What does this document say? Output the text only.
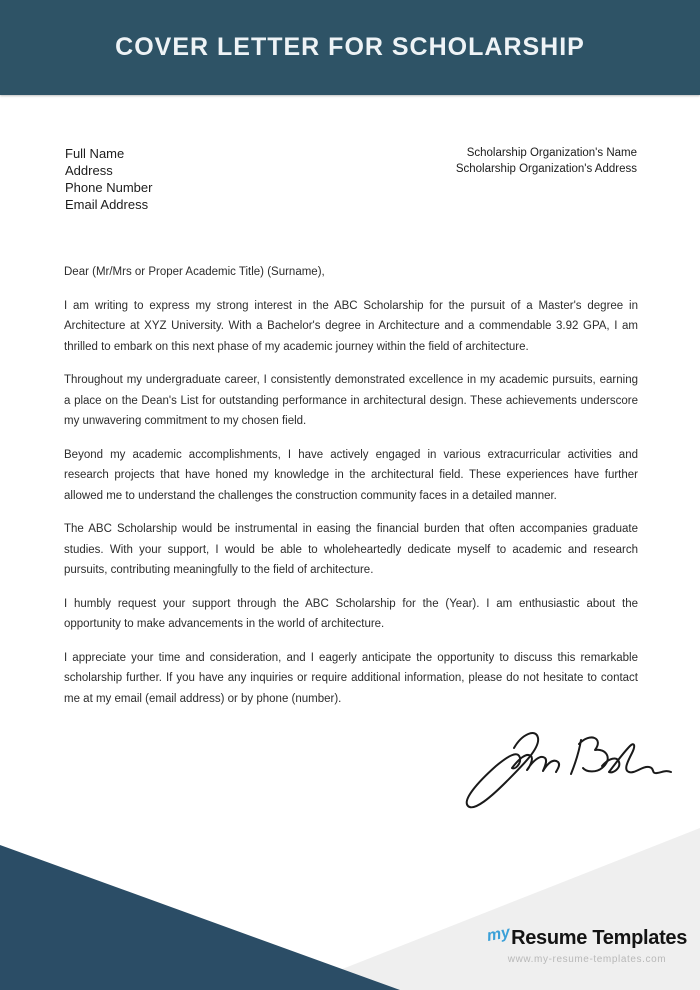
COVER LETTER FOR SCHOLARSHIP
Full Name
Address
Phone Number
Email Address
Scholarship Organization's Name
Scholarship Organization's Address

Dear (Mr/Mrs or Proper Academic Title) (Surname),

I am writing to express my strong interest in the ABC Scholarship for the pursuit of a Master's degree in Architecture at XYZ University. With a Bachelor's degree in Architecture and a commendable 3.92 GPA, I am thrilled to embark on this next phase of my academic journey within the field of architecture.

Throughout my undergraduate career, I consistently demonstrated excellence in my academic pursuits, earning a place on the Dean's List for outstanding performance in architectural design. These achievements underscore my unwavering commitment to my chosen field.

Beyond my academic accomplishments, I have actively engaged in various extracurricular activities and research projects that have honed my knowledge in the architectural field. These experiences have further allowed me to understand the challenges the construction community faces in a detailed manner.

The ABC Scholarship would be instrumental in easing the financial burden that often accompanies graduate studies. With your support, I would be able to wholeheartedly dedicate myself to academic and research pursuits, contributing meaningfully to the field of architecture.

I humbly request your support through the ABC Scholarship for the (Year). I am enthusiastic about the opportunity to make advancements in the world of architecture.

I appreciate your time and consideration, and I eagerly anticipate the opportunity to discuss this remarkable scholarship further. If you have any inquiries or require additional information, please do not hesitate to contact me at my email (email address) or by phone (number).

my Resume Templates
www.my-resume-templates.com
